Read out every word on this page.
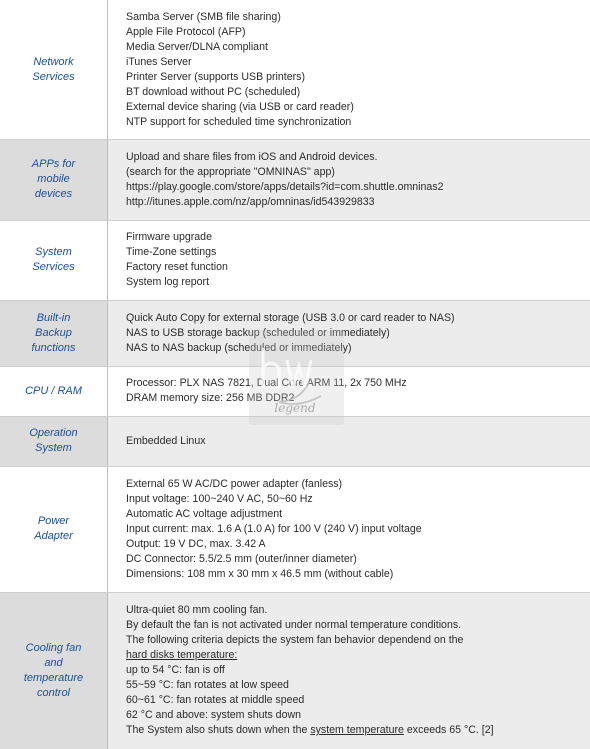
Network
Services
Samba Server (SMB file sharing)
Apple File Protocol (AFP)
Media Server/DLNA compliant
iTunes Server
Printer Server (supports USB printers)
BT download without PC (scheduled)
External device sharing (via USB or card reader)
NTP support for scheduled time synchronization
APPs for
mobile
devices
Upload and share files from iOS and Android devices.
(search for the appropriate "OMNINAS" app)
https://play.google.com/store/apps/details?id=com.shuttle.omninas2
http://itunes.apple.com/nz/app/omninas/id543929833
System
Services
Firmware upgrade
Time-Zone settings
Factory reset function
System log report
Built-in
Backup
functions
Quick Auto Copy for external storage (USB 3.0 or card reader to NAS)
NAS to USB storage backup (scheduled or immediately)
NAS to NAS backup (scheduled or immediately)
CPU / RAM
Processor: PLX NAS 7821, Dual Core ARM 11, 2x 750 MHz
DRAM memory size: 256 MB DDR2
Operation
System
Embedded Linux
Power
Adapter
External 65 W AC/DC power adapter (fanless)
Input voltage: 100~240 V AC, 50~60 Hz
Automatic AC voltage adjustment
Input current: max. 1.6 A (1.0 A) for 100 V (240 V) input voltage
Output: 19 V DC, max. 3.42 A
DC Connector: 5.5/2.5 mm (outer/inner diameter)
Dimensions: 108 mm x 30 mm x 46.5 mm (without cable)
Cooling fan
and
temperature
control
Ultra-quiet 80 mm cooling fan.
By default the fan is not activated under normal temperature conditions.
The following criteria depicts the system fan behavior dependend on the
hard disks temperature:
up to 54 °C: fan is off
55~59 °C: fan rotates at low speed
60~61 °C: fan rotates at middle speed
62 °C and above: system shuts down
The System also shuts down when the system temperature exceeds 65 °C. [2]
legend
